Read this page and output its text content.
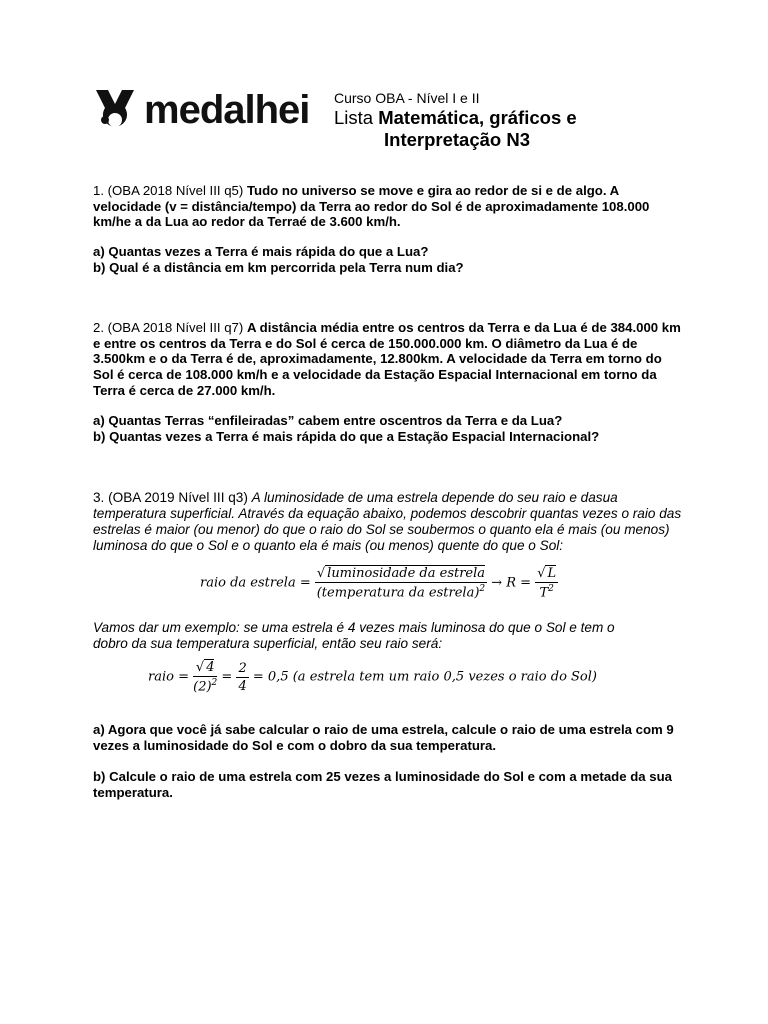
medalhei Curso OBA - Nível I e II
Lista Matemática, gráficos e
Interpretação N3

1. (OBA 2018 Nível III q5) Tudo no universo se move e gira ao redor de si e de algo. A velocidade (v = distância/tempo) da Terra ao redor do Sol é de aproximadamente 108.000 km/he a da Lua ao redor da Terraé de 3.600 km/h.

a) Quantas vezes a Terra é mais rápida do que a Lua?

b) Qual é a distância em km percorrida pela Terra num dia?

2. (OBA 2018 Nível III q7) A distância média entre os centros da Terra e da Lua é de 384.000 km e entre os centros da Terra e do Sol é cerca de 150.000.000 km. O diâmetro da Lua é de 3.500km e o da Terra é de, aproximadamente, 12.800km. A velocidade da Terra em torno do Sol é cerca de 108.000 km/h e a velocidade da Estação Espacial Internacional em torno da Terra é cerca de 27.000 km/h.

a) Quantas Terras “enfileiradas” cabem entre oscentros da Terra e da Lua?

b) Quantas vezes a Terra é mais rápida do que a Estação Espacial Internacional?

3. (OBA 2019 Nível III q3) A luminosidade de uma estrela depende do seu raio e dasua temperatura superficial. Através da equação abaixo, podemos descobrir quantas vezes o raio das estrelas é maior (ou menor) do que o raio do Sol se soubermos o quanto ela é mais (ou menos) luminosa do que o Sol e o quanto ela é mais (ou menos) quente do que o Sol:

raio da estrela = $\frac{\text{√ luminosidade da estrela}}{(temperatura da estrela)^2} \to R = \frac{√ L}{T^2}$
Vamos dar um exemplo: se uma estrela é 4 vezes mais luminosa do que o Sol e tem o dobro da sua temperatura superficial, então seu raio será:
raio = $\frac{√ 4}{(2)^2} = \frac{2}{4} = 0,5$ (a estrela tem um raio 0,5 vezes o raio do Sol)
a) Agora que você já sabe calcular o raio de uma estrela, calcule o raio de uma estrela com 9 vezes a luminosidade do Sol e com o dobro da sua temperatura.
b) Calcule o raio de uma estrela com 25 vezes a luminosidade do Sol e com a metade da sua temperatura.
